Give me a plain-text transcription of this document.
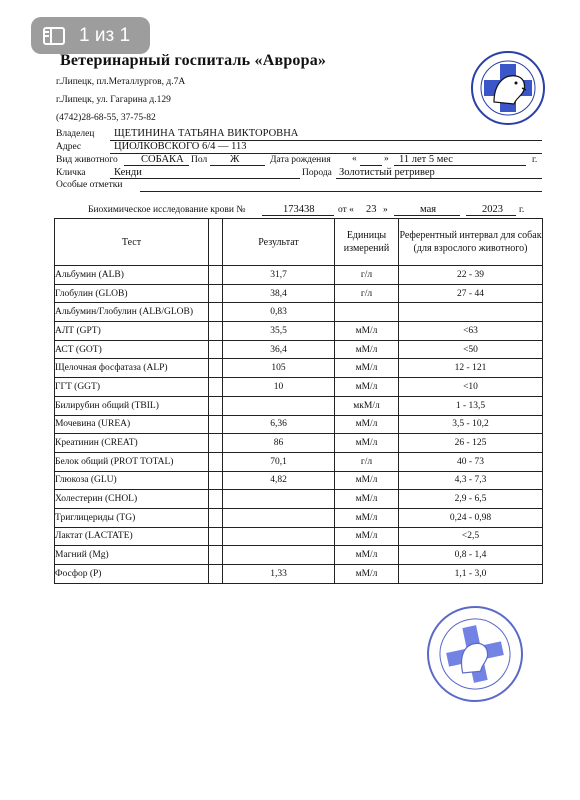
1 из 1
Ветеринарный госпиталь «Аврора»
г.Липецк, пл.Металлургов, д.7А
г.Липецк, ул. Гагарина д.129
(4742)28-68-55, 37-75-82
Владелец ЩЕТИНИНА ТАТЬЯНА ВИКТОРОВНА
Адрес	ЦИОЛКОВСКОГО 6/4 — 113
Вид животного СОБАКА Пол Ж	Дата рождения «	» 11 лет 5 мес	г.
Кличка	Кенди	Порода Золотистый ретривер
Особые отметки
Биохимическое исследование крови №	173438 от « 23 »	мая	2023 г.
Тест		Результат	Единицы измерений	Референтный интервал для собак (для взрослого животного)
Альбумин (ALB)		31,7	г/л	22 - 39
Глобулин (GLOB)		38,4	г/л	27 - 44
Альбумин/Глобулин (ALB/GLOB)		0,83		
АЛТ (GPT)		35,5	мМ/л	<63
АСТ (GOT)		36,4	мМ/л	<50
Щелочная фосфатаза (ALP)		105	мМ/л	12 - 121
ГГТ (GGT)		10	мМ/л	<10
Билирубин общий (TBIL)			мкМ/л	1 - 13,5
Мочевина (UREA)		6,36	мМ/л	3,5 - 10,2
Креатинин (CREAT)		86	мМ/л	26 - 125
Белок общий (PROT TOTAL)		70,1	г/л	40 - 73
Глюкоза (GLU)		4,82	мМ/л	4,3 - 7,3
Холестерин (CHOL)			мМ/л	2,9 - 6,5
Триглицериды (TG)			мМ/л	0,24 - 0,98
Лактат (LACTATE)			мМ/л	<2,5
Магний (Mg)			мМ/л	0,8 - 1,4
Фосфор (P)		1,33	мМ/л	1,1 - 3,0
